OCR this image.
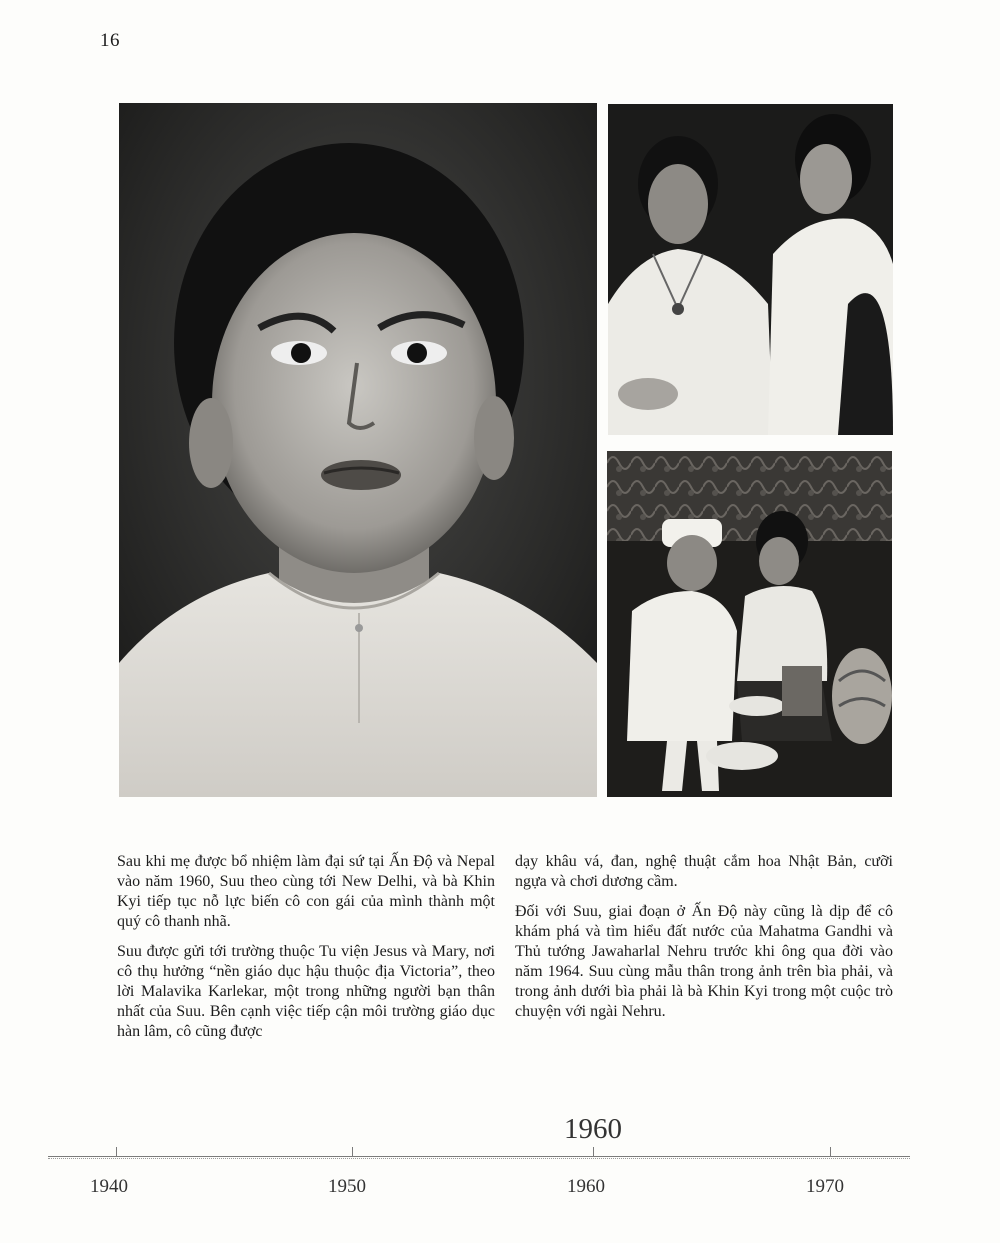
16

Sau khi mẹ được bổ nhiệm làm đại sứ tại Ấn Độ và Nepal vào năm 1960, Suu theo cùng tới New Delhi, và bà Khin Kyi tiếp tục nỗ lực biến cô con gái của mình thành một quý cô thanh nhã.

Suu được gửi tới trường thuộc Tu viện Jesus và Mary, nơi cô thụ hưởng “nền giáo dục hậu thuộc địa Victoria”, theo lời Malavika Karlekar, một trong những người bạn thân nhất của Suu. Bên cạnh việc tiếp cận môi trường giáo dục hàn lâm, cô cũng được

dạy khâu vá, đan, nghệ thuật cắm hoa Nhật Bản, cưỡi ngựa và chơi dương cầm.

Đối với Suu, giai đoạn ở Ấn Độ này cũng là dịp để cô khám phá và tìm hiểu đất nước của Mahatma Gandhi và Thủ tướng Jawaharlal Nehru trước khi ông qua đời vào năm 1964. Suu cùng mẫu thân trong ảnh trên bìa phải, và trong ảnh dưới bìa phải là bà Khin Kyi trong một cuộc trò chuyện với ngài Nehru.

1960
1940	1950	1960	1970
